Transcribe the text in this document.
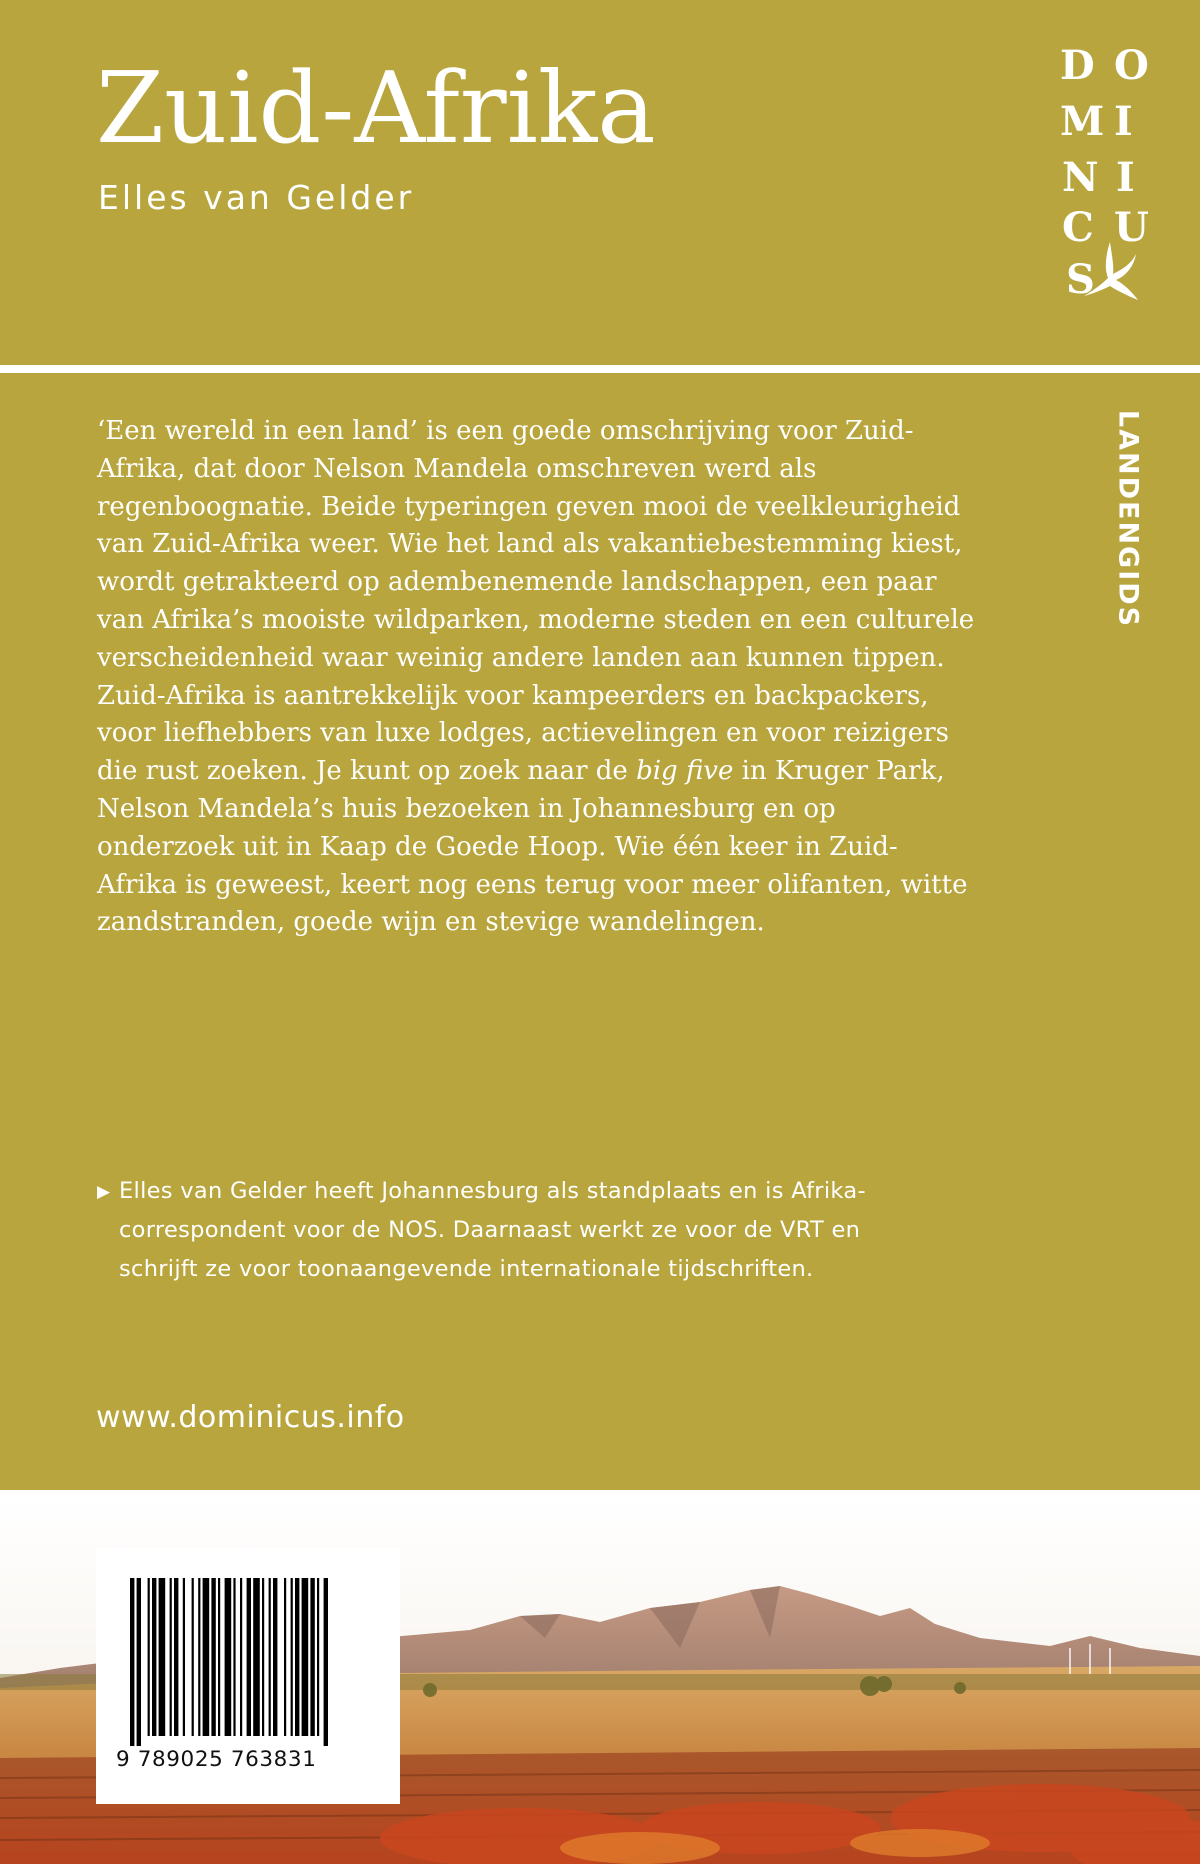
Zuid-Afrika
Elles van Gelder
D O
M I
N I
C U
S
LANDENGIDS

‘Een wereld in een land’ is een goede omschrijving voor Zuid-Afrika, dat door Nelson Mandela omschreven werd als regenboognatie. Beide typeringen geven mooi de veelkleurigheid van Zuid-Afrika weer. Wie het land als vakantiebestemming kiest, wordt getrakteerd op adembenemende landschappen, een paar van Afrika’s mooiste wildparken, moderne steden en een culturele verscheidenheid waar weinig andere landen aan kunnen tippen.

Zuid-Afrika is aantrekkelijk voor kampeerders en backpackers, voor liefhebbers van luxe lodges, actievelingen en voor reizigers die rust zoeken. Je kunt op zoek naar de big five in Kruger Park, Nelson Mandela’s huis bezoeken in Johannesburg en op onderzoek uit in Kaap de Goede Hoop. Wie één keer in Zuid-Afrika is geweest, keert nog eens terug voor meer olifanten, witte zandstranden, goede wijn en stevige wandelingen.

▶ Elles van Gelder heeft Johannesburg als standplaats en is Afrikacorrespondent voor de NOS. Daarnaast werkt ze voor de VRT en schrijft ze voor toonaangevende internationale tijdschriften.
www.dominicus.info
9 789025 763831
